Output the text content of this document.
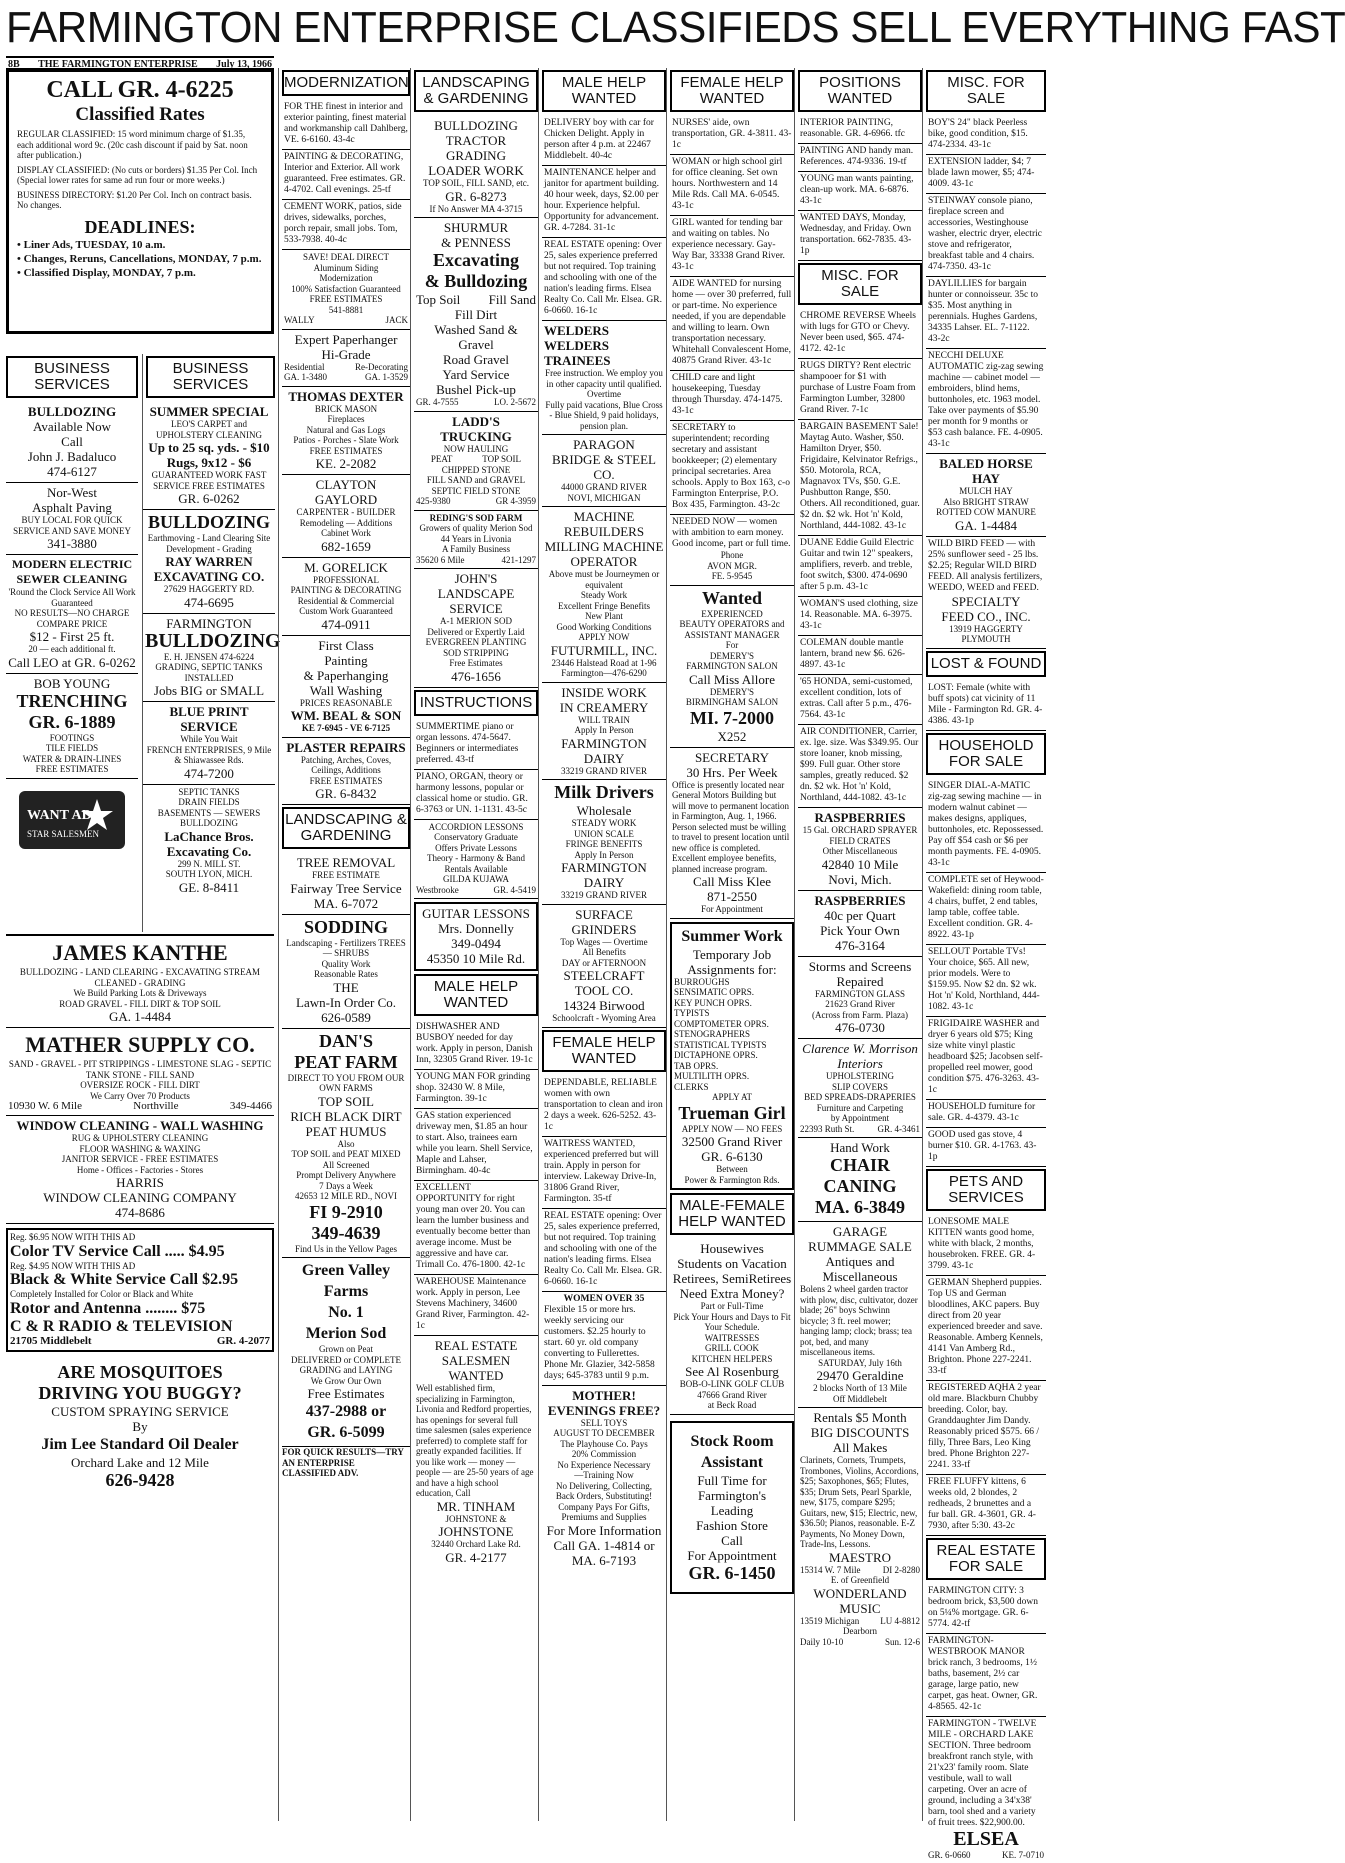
FARMINGTON ENTERPRISE CLASSIFIEDS SELL EVERYTHING FAST
8B THE FARMINGTON ENTERPRISE July 13, 1966
CALL GR. 4-6225
Classified Rates
REGULAR CLASSIFIED: 15 word minimum charge of $1.35, each additional word 9c. (20c cash discount if paid by Sat. noon after publication.)
DISPLAY CLASSIFIED: (No cuts or borders) $1.35 Per Col. Inch (Special lower rates for same ad run four or more weeks.)
BUSINESS DIRECTORY: $1.20 Per Col. Inch on contract basis. No changes.
DEADLINES:
• Liner Ads, TUESDAY, 10 a.m.
• Changes, Reruns, Cancellations, MONDAY, 7 p.m.
• Classified Display, MONDAY, 7 p.m.
BUSINESS SERVICES
BULLDOZING
Available Now
Call
John J. Badaluco
474-6127
Nor-West
Asphalt Paving
BUY LOCAL FOR QUICK SERVICE AND SAVE MONEY
341-3880
MODERN ELECTRIC SEWER CLEANING
'Round the Clock Service All Work Guaranteed
NO RESULTS—NO CHARGE COMPARE PRICE
$12 - First 25 ft.
20 — each additional ft.
Call LEO at GR. 6-0262
BOB YOUNG
TRENCHING
GR. 6-1889
FOOTINGS
TILE FIELDS
WATER & DRAIN-LINES
FREE ESTIMATES
WANT ADS
STAR SALESMEN
BUSINESS SERVICES
SUMMER SPECIAL
LEO'S CARPET and UPHOLSTERY CLEANING
Up to 25 sq. yds. - $10
Rugs, 9x12 - $6
GUARANTEED WORK FAST SERVICE FREE ESTIMATES
GR. 6-0262
BULLDOZING
Earthmoving - Land Clearing Site Development - Grading
RAY WARREN
EXCAVATING CO.
27629 HAGGERTY RD.
474-6695
FARMINGTON
BULLDOZING
E. H. JENSEN 474-6224
GRADING, SEPTIC TANKS INSTALLED
Jobs BIG or SMALL
BLUE PRINT
SERVICE
While You Wait
FRENCH ENTERPRISES, 9 Mile & Shiawassee Rds.
474-7200
SEPTIC TANKS
DRAIN FIELDS
BASEMENTS — SEWERS
BULLDOZING
LaChance Bros.
Excavating Co.
299 N. MILL ST.
SOUTH LYON, MICH.
GE. 8-8411
JAMES KANTHE
BULLDOZING - LAND CLEARING - EXCAVATING STREAM CLEANED - GRADING
We Build Parking Lots & Driveways
ROAD GRAVEL - FILL DIRT & TOP SOIL
GA. 1-4484
MATHER SUPPLY CO.
SAND - GRAVEL - PIT STRIPPINGS - LIMESTONE SLAG - SEPTIC TANK STONE - FILL SAND
OVERSIZE ROCK - FILL DIRT
We Carry Over 70 Products
10930 W. 6 Mile	Northville	349-4466
WINDOW CLEANING - WALL WASHING
RUG & UPHOLSTERY CLEANING
FLOOR WASHING & WAXING
JANITOR SERVICE - FREE ESTIMATES
Home - Offices - Factories - Stores
HARRIS
WINDOW CLEANING COMPANY
474-8686
Reg. $6.95 NOW WITH THIS AD
Color TV Service Call ..... $4.95
Reg. $4.95 NOW WITH THIS AD
Black & White Service Call $2.95
Completely Installed for Color or Black and White
Rotor and Antenna ........ $75
C & R RADIO & TELEVISION
21705 Middlebelt	GR. 4-2077
ARE MOSQUITOES
DRIVING YOU BUGGY?
CUSTOM SPRAYING SERVICE
By
Jim Lee Standard Oil Dealer
Orchard Lake and 12 Mile
626-9428
MODERNIZATION
FOR THE finest in interior and exterior painting, finest material and workmanship call Dahlberg, VE. 6-6160. 43-4c
PAINTING & DECORATING, Interior and Exterior. All work guaranteed. Free estimates. GR. 4-4702. Call evenings. 25-tf
CEMENT WORK, patios, side drives, sidewalks, porches, porch repair, small jobs. Tom, 533-7938. 40-4c
SAVE! DEAL DIRECT
Aluminum Siding
Modernization
100% Satisfaction Guaranteed
FREE ESTIMATES
541-8881
WALLY	JACK
Expert Paperhanger
Hi-Grade
Residential	Re-Decorating
GA. 1-3480	GA. 1-3529
THOMAS DEXTER
BRICK MASON
Fireplaces
Natural and Gas Logs
Patios - Porches - Slate Work
FREE ESTIMATES
KE. 2-2082
CLAYTON GAYLORD
CARPENTER - BUILDER
Remodeling — Additions
Cabinet Work
682-1659
M. GORELICK
PROFESSIONAL
PAINTING & DECORATING
Residential & Commercial
Custom Work Guaranteed
474-0911
First Class
Painting
& Paperhanging
Wall Washing
PRICES REASONABLE
WM. BEAL & SON
KE 7-6945 - VE 6-7125
PLASTER REPAIRS
Patching, Arches, Coves, Ceilings, Additions
FREE ESTIMATES
GR. 6-8432
LANDSCAPING & GARDENING
TREE REMOVAL
FREE ESTIMATE
Fairway Tree Service
MA. 6-7072
SODDING
Landscaping - Fertilizers TREES — SHRUBS
Quality Work
Reasonable Rates
THE
Lawn-In Order Co.
626-0589
DAN'S
PEAT FARM
DIRECT TO YOU FROM OUR OWN FARMS
TOP SOIL
RICH BLACK DIRT
PEAT HUMUS
Also
TOP SOIL and PEAT MIXED
All Screened
Prompt Delivery Anywhere
7 Days a Week
42653 12 MILE RD., NOVI
FI 9-2910
349-4639
Find Us in the Yellow Pages
Green Valley
Farms
No. 1
Merion Sod
Grown on Peat
DELIVERED or COMPLETE
GRADING and LAYING
We Grow Our Own
Free Estimates
437-2988 or
GR. 6-5099
FOR QUICK RESULTS—TRY AN ENTERPRISE CLASSIFIED ADV.
LANDSCAPING & GARDENING
BULLDOZING
TRACTOR GRADING
LOADER WORK
TOP SOIL, FILL SAND, etc.
GR. 6-8273
If No Answer MA 4-3715
SHURMUR
& PENNESS
Excavating
& Bulldozing
Top Soil Fill Sand
Fill Dirt
Washed Sand & Gravel
Road Gravel
Yard Service
Bushel Pick-up
GR. 4-7555	LO. 2-5672
LADD'S TRUCKING
NOW HAULING
PEAT	TOP SOIL
CHIPPED STONE
FILL SAND and GRAVEL
SEPTIC FIELD STONE
425-9380	GR 4-3959
REDING'S SOD FARM
Growers of quality Merion Sod
44 Years in Livonia
A Family Business
35620 6 Mile	421-1297
JOHN'S
LANDSCAPE
SERVICE
A-1 MERION SOD
Delivered or Expertly Laid
EVERGREEN PLANTING
SOD STRIPPING
Free Estimates
476-1656
INSTRUCTIONS
SUMMERTIME piano or organ lessons. 474-5647. Beginners or intermediates preferred. 43-tf
PIANO, ORGAN, theory or harmony lessons, popular or classical home or studio. GR. 6-3763 or UN. 1-1131. 43-5c
ACCORDION LESSONS
Conservatory Graduate
Offers Private Lessons
Theory - Harmony & Band
Rentals Available
GILDA KUJAWA
Westbrooke	GR. 4-5419
GUITAR LESSONS
Mrs. Donnelly
349-0494
45350 10 Mile Rd.
MALE HELP WANTED
DISHWASHER AND BUSBOY needed for day work. Apply in person, Danish Inn, 32305 Grand River. 19-1c
YOUNG MAN FOR grinding shop. 32430 W. 8 Mile, Farmington. 39-1c
GAS station experienced driveway men, $1.85 an hour to start. Also, trainees earn while you learn. Shell Service, Maple and Lahser, Birmingham. 40-4c
EXCELLENT OPPORTUNITY for right young man over 20. You can learn the lumber business and eventually become better than average income. Must be aggressive and have car. Trimall Co. 476-1800. 42-1c
WAREHOUSE Maintenance work. Apply in person, Lee Stevens Machinery, 34600 Grand River, Farmington. 42-1c
REAL ESTATE
SALESMEN
WANTED
Well established firm, specializing in Farmington, Livonia and Redford properties, has openings for several full time salesmen (sales experience preferred) to complete staff for greatly expanded facilities. If you like work — money — people — are 25-50 years of age and have a high school education, Call
MR. TINHAM
JOHNSTONE &
JOHNSTONE
32440 Orchard Lake Rd.
GR. 4-2177
MALE HELP WANTED
DELIVERY boy with car for Chicken Delight. Apply in person after 4 p.m. at 22467 Middlebelt. 40-4c
MAINTENANCE helper and janitor for apartment building. 40 hour week, days, $2.00 per hour. Experience helpful. Opportunity for advancement. GR. 4-7284. 31-1c
REAL ESTATE opening: Over 25, sales experience preferred but not required. Top training and schooling with one of the nation's leading firms. Elsea Realty Co. Call Mr. Elsea. GR. 6-0660. 16-1c
WELDERS
WELDERS TRAINEES
Free instruction. We employ you in other capacity until qualified.
Overtime
Fully paid vacations, Blue Cross - Blue Shield, 9 paid holidays, pension plan.
PARAGON
BRIDGE & STEEL
CO.
44000 GRAND RIVER
NOVI, MICHIGAN
MACHINE
REBUILDERS
MILLING MACHINE
OPERATOR
Above must be Journeymen or equivalent
Steady Work
Excellent Fringe Benefits
New Plant
Good Working Conditions
APPLY NOW
FUTURMILL, INC.
23446 Halstead Road at 1-96
Farmington—476-6290
INSIDE WORK
IN CREAMERY
WILL TRAIN
Apply In Person
FARMINGTON
DAIRY
33219 GRAND RIVER
Milk Drivers
Wholesale
STEADY WORK
UNION SCALE
FRINGE BENEFITS
Apply In Person
FARMINGTON
DAIRY
33219 GRAND RIVER
SURFACE
GRINDERS
Top Wages — Overtime
All Benefits
DAY or AFTERNOON
STEELCRAFT
TOOL CO.
14324 Birwood
Schoolcraft - Wyoming Area
FEMALE HELP WANTED
DEPENDABLE, RELIABLE women with own transportation to clean and iron 2 days a week. 626-5252. 43-1c
WAITRESS WANTED, experienced preferred but will train. Apply in person for interview. Lakeway Drive-In, 31806 Grand River, Farmington. 35-tf
REAL ESTATE opening: Over 25, sales experience preferred, but not required. Top training and schooling with one of the nation's leading firms. Elsea Realty Co. Call Mr. Elsea. GR. 6-0660. 16-1c
WOMEN OVER 35
Flexible 15 or more hrs. weekly servicing our customers. $2.25 hourly to start. 60 yr. old company converting to Fullerettes. Phone Mr. Glazier, 342-5858 days; 645-3783 until 9 p.m.
MOTHER!
EVENINGS FREE?
SELL TOYS
AUGUST TO DECEMBER
The Playhouse Co. Pays
20% Commission
No Experience Necessary
—Training Now
No Delivering, Collecting,
Back Orders, Substituting!
Company Pays For Gifts,
Premiums and Supplies
For More Information
Call GA. 1-4814 or
MA. 6-7193
FEMALE HELP WANTED
NURSES' aide, own transportation, GR. 4-3811. 43-1c
WOMAN or high school girl for office cleaning. Set own hours. Northwestern and 14 Mile Rds. Call MA. 6-0545. 43-1c
GIRL wanted for tending bar and waiting on tables. No experience necessary. Gay-Way Bar, 33338 Grand River. 43-1c
AIDE WANTED for nursing home — over 30 preferred, full or part-time. No experience needed, if you are dependable and willing to learn. Own transportation necessary. Whitehall Convalescent Home, 40875 Grand River. 43-1c
CHILD care and light housekeeping, Tuesday through Thursday. 474-1475. 43-1c
SECRETARY to superintendent; recording secretary and assistant bookkeeper; (2) elementary principal secretaries. Area schools. Apply to Box 163, c-o Farmington Enterprise, P.O. Box 435, Farmington. 43-2c
NEEDED NOW — women with ambition to earn money. Good income, part or full time.
Phone
AVON MGR.
FE. 5-9545
Wanted
EXPERIENCED
BEAUTY OPERATORS and ASSISTANT MANAGER
For
DEMERY'S
FARMINGTON SALON
Call Miss Allore
DEMERY'S
BIRMINGHAM SALON
MI. 7-2000
X252
SECRETARY
30 Hrs. Per Week
Office is presently located near General Motors Building but will move to permanent location in Farmington, Aug. 1, 1966.
Person selected must be willing to travel to present location until new office is completed. Excellent employee benefits, planned increase program.
Call Miss Klee
871-2550
For Appointment
Summer Work
Temporary Job
Assignments for:
BURROUGHS
SENSIMATIC OPRS.
KEY PUNCH OPRS.
TYPISTS
COMPTOMETER OPRS.
STENOGRAPHERS
STATISTICAL TYPISTS
DICTAPHONE OPRS.
TAB OPRS.
MULTILITH OPRS.
CLERKS
APPLY AT
Trueman Girl
APPLY NOW — NO FEES
32500 Grand River
GR. 6-6130
Between
Power & Farmington Rds.
MALE-FEMALE HELP WANTED
Housewives
Students on Vacation
Retirees, SemiRetirees
Need Extra Money?
Part or Full-Time
Pick Your Hours and Days to Fit Your Schedule.
WAITRESSES
GRILL COOK
KITCHEN HELPERS
See Al Rosenburg
BOB-O-LINK GOLF CLUB
47666 Grand River
at Beck Road
Stock Room
Assistant
Full Time for
Farmington's
Leading
Fashion Store
Call
For Appointment
GR. 6-1450
POSITIONS WANTED
INTERIOR PAINTING, reasonable. GR. 4-6966. tfc
PAINTING AND handy man. References. 474-9336. 19-tf
YOUNG man wants painting, clean-up work. MA. 6-6876. 43-1c
WANTED DAYS, Monday, Wednesday, and Friday. Own transportation. 662-7835. 43-1p
MISC. FOR SALE
CHROME REVERSE Wheels with lugs for GTO or Chevy. Never been used, $65. 474-4172. 42-1c
RUGS DIRTY? Rent electric shampooer for $1 with purchase of Lustre Foam from Farmington Lumber, 32800 Grand River. 7-1c
BARGAIN BASEMENT Sale! Maytag Auto. Washer, $50. Hamilton Dryer, $50. Frigidaire, Kelvinator Refrigs., $50. Motorola, RCA, Magnavox TVs, $50. G.E. Pushbutton Range, $50. Others. All reconditioned, guar. $2 dn. $2 wk. Hot 'n' Kold, Northland, 444-1082. 43-1c
DUANE Eddie Guild Electric Guitar and twin 12" speakers, amplifiers, reverb. and treble, foot switch, $300. 474-0690 after 5 p.m. 43-1c
WOMAN'S used clothing, size 14. Reasonable. MA. 6-3975. 43-1c
COLEMAN double mantle lantern, brand new $6. 626-4897. 43-1c
'65 HONDA, semi-customed, excellent condition, lots of extras. Call after 5 p.m., 476-7564. 43-1c
AIR CONDITIONER, Carrier, ex. lge. size. Was $349.95. Our store loaner, knob missing, $99. Full guar. Other store samples, greatly reduced. $2 dn. $2 wk. Hot 'n' Kold, Northland, 444-1082. 43-1c
RASPBERRIES
15 Gal. ORCHARD SPRAYER
FIELD CRATES
Other Miscellaneous
42840 10 Mile
Novi, Mich.
RASPBERRIES
40c per Quart
Pick Your Own
476-3164
Storms and Screens
Repaired
FARMINGTON GLASS
21623 Grand River
(Across from Farm. Plaza)
476-0730
Clarence W. Morrison
Interiors
UPHOLSTERING
SLIP COVERS
BED SPREADS-DRAPERIES
Furniture and Carpeting
by Appointment
22393 Ruth St.	GR. 4-3461
Hand Work
CHAIR
CANING
MA. 6-3849
GARAGE
RUMMAGE SALE
Antiques and
Miscellaneous
Bolens 2 wheel garden tractor with plow, disc, cultivator, dozer blade; 26" boys Schwinn bicycle; 3 ft. reel mower; hanging lamp; clock; brass; tea pot, bed, and many miscellaneous items.
SATURDAY, July 16th
29470 Geraldine
2 blocks North of 13 Mile
Off Middlebelt
Rentals $5 Month
BIG DISCOUNTS
All Makes
Clarinets, Cornets, Trumpets, Trombones, Violins, Accordions, $25; Saxophones, $65; Flutes, $35; Drum Sets, Pearl Sparkle, new, $175, compare $295; Guitars, new, $15; Electric, new, $36.50; Pianos, reasonable. E-Z Payments, No Money Down, Trade-Ins, Lessons.
MAESTRO
15314 W. 7 Mile DI 2-8280
E. of Greenfield
WONDERLAND
MUSIC
13519 Michigan LU 4-8812
Dearborn
Daily 10-10	Sun. 12-6
MISC. FOR SALE
BOY'S 24" black Peerless bike, good condition, $15. 474-2334. 43-1c
EXTENSION ladder, $4; 7 blade lawn mower, $5; 474-4009. 43-1c
STEINWAY console piano, fireplace screen and accessories, Westinghouse washer, electric dryer, electric stove and refrigerator, breakfast table and 4 chairs. 474-7350. 43-1c
DAYLILLIES for bargain hunter or connoisseur. 35c to $35. Most anything in perennials. Hughes Gardens, 34335 Lahser. EL. 7-1122. 43-2c
NECCHI DELUXE AUTOMATIC zig-zag sewing machine — cabinet model — embroiders, blind hems, buttonholes, etc. 1963 model. Take over payments of $5.90 per month for 9 months or $53 cash balance. FE. 4-0905. 43-1c
BALED HORSE HAY
MULCH HAY
Also BRIGHT STRAW
ROTTED COW MANURE
GA. 1-4484
WILD BIRD FEED — with 25% sunflower seed - 25 lbs. $2.25; Regular WILD BIRD FEED. All analysis fertilizers, WEEDO, WEED and FEED.
SPECIALTY
FEED CO., INC.
13919 HAGGERTY
PLYMOUTH
LOST & FOUND
LOST: Female (white with buff spots) cat vicinity of 11 Mile - Farmington Rd. GR. 4-4386. 43-1p
HOUSEHOLD FOR SALE
SINGER DIAL-A-MATIC zig-zag sewing machine — in modern walnut cabinet — makes designs, appliques, buttonholes, etc. Repossessed. Pay off $54 cash or $6 per month payments. FE. 4-0905. 43-1c
COMPLETE set of Heywood-Wakefield: dining room table, 4 chairs, buffet, 2 end tables, lamp table, coffee table. Excellent condition. GR. 4-8922. 43-1p
SELLOUT Portable TVs! Your choice, $65. All new, prior models. Were to $159.95. Now $2 dn. $2 wk. Hot 'n' Kold, Northland, 444-1082. 43-1c
FRIGIDAIRE WASHER and dryer 6 years old $75; King size white vinyl plastic headboard $25; Jacobsen self-propelled reel mower, good condition $75. 476-3263. 43-1c
HOUSEHOLD furniture for sale. GR. 4-4379. 43-1c
GOOD used gas stove, 4 burner $10. GR. 4-1763. 43-1p
PETS AND SERVICES
LONESOME MALE KITTEN wants good home, white with black, 2 months, housebroken. FREE. GR. 4-3799. 43-1c
GERMAN Shepherd puppies. Top US and German bloodlines, AKC papers. Buy direct from 20 year experienced breeder and save. Reasonable. Amberg Kennels, 4141 Van Amberg Rd., Brighton. Phone 227-2241. 33-tf
REGISTERED AQHA 2 year old mare. Blackburn Chubby breeding. Color, bay. Granddaughter Jim Dandy. Reasonably priced $575. 66 / filly, Three Bars, Leo King bred. Phone Brighton 227-2241. 33-tf
FREE FLUFFY kittens, 6 weeks old, 2 blondes, 2 redheads, 2 brunettes and a fur ball. GR. 4-3601, GR. 4-7930, after 5:30. 43-2c
REAL ESTATE FOR SALE
FARMINGTON CITY: 3 bedroom brick, $3,500 down on 5¼% mortgage. GR. 6-5774. 42-tf
FARMINGTON-WESTBROOK MANOR brick ranch, 3 bedrooms, 1½ baths, basement, 2½ car garage, large patio, new carpet, gas heat. Owner, GR. 4-8565. 42-1c
FARMINGTON - TWELVE MILE - ORCHARD LAKE SECTION. Three bedroom breakfront ranch style, with 21'x23' family room. Slate vestibule, wall to wall carpeting. Over an acre of ground, including a 34'x38' barn, tool shed and a variety of fruit trees. $22,900.00.
ELSEA
GR. 6-0660	KE. 7-0710
